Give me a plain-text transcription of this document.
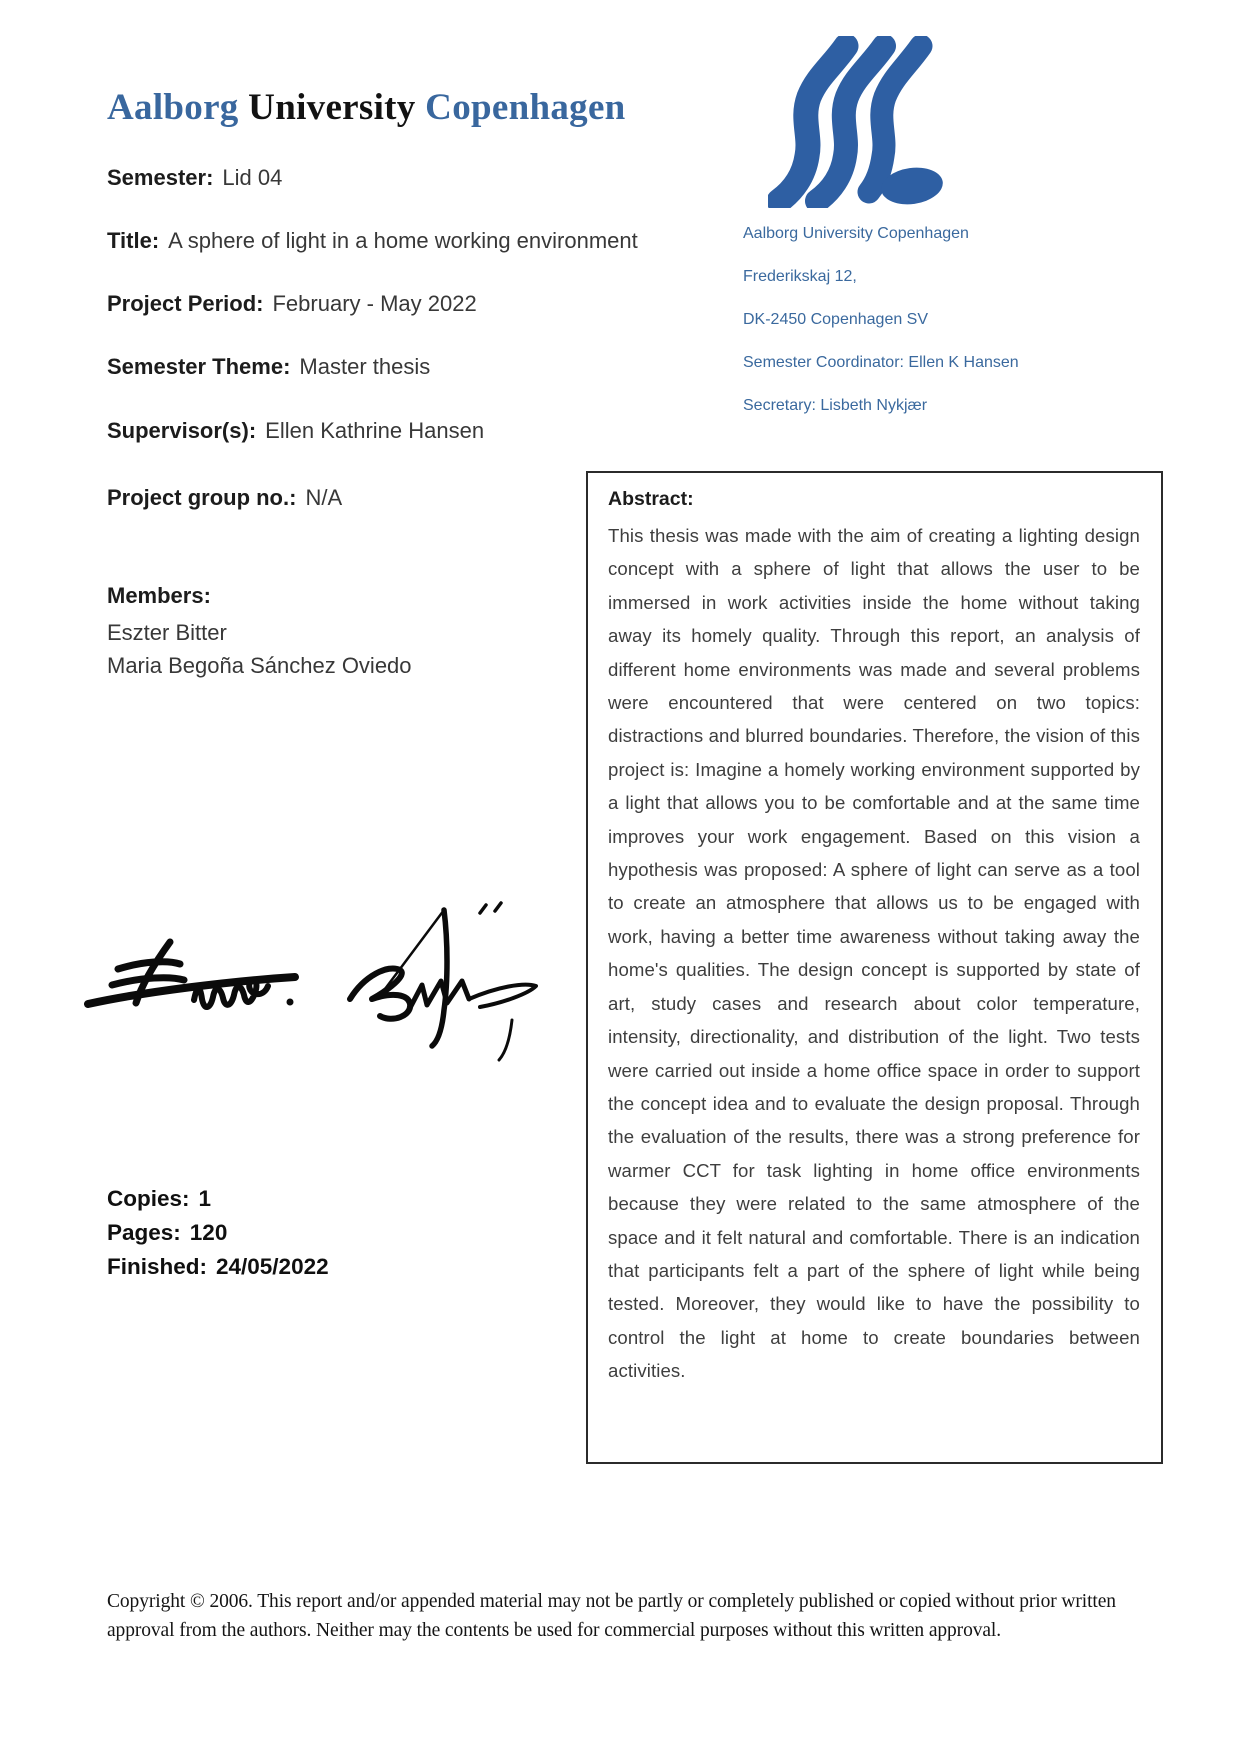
Aalborg University Copenhagen
Semester: Lid 04
Title: A sphere of light in a home working environment
Project Period: February - May 2022
Semester Theme: Master thesis
Supervisor(s): Ellen Kathrine Hansen
Project group no.: N/A
Members:
Eszter Bitter
Maria Begoña Sánchez Oviedo
Copies: 1
Pages: 120
Finished: 24/05/2022
Aalborg University Copenhagen
Frederikskaj 12,
DK-2450 Copenhagen SV
Semester Coordinator: Ellen K Hansen
Secretary: Lisbeth Nykjær
Abstract:
This thesis was made with the aim of creating a lighting design concept with a sphere of light that allows the user to be immersed in work activities inside the home without taking away its homely quality. Through this report, an analysis of different home environments was made and several problems were encountered that were centered on two topics: distractions and blurred boundaries. Therefore, the vision of this project is: Imagine a homely working environment supported by a light that allows you to be comfortable and at the same time improves your work engagement. Based on this vision a hypothesis was proposed: A sphere of light can serve as a tool to create an atmosphere that allows us to be engaged with work, having a better time awareness without taking away the home's qualities. The design concept is supported by state of art, study cases and research about color temperature, intensity, directionality, and distribution of the light. Two tests were carried out inside a home office space in order to support the concept idea and to evaluate the design proposal. Through the evaluation of the results, there was a strong preference for warmer CCT for task lighting in home office environments because they were related to the same atmosphere of the space and it felt natural and comfortable. There is an indication that participants felt a part of the sphere of light while being tested. Moreover, they would like to have the possibility to control the light at home to create boundaries between activities.
Copyright © 2006. This report and/or appended material may not be partly or completely published or copied without prior written approval from the authors. Neither may the contents be used for commercial purposes without this written approval.
